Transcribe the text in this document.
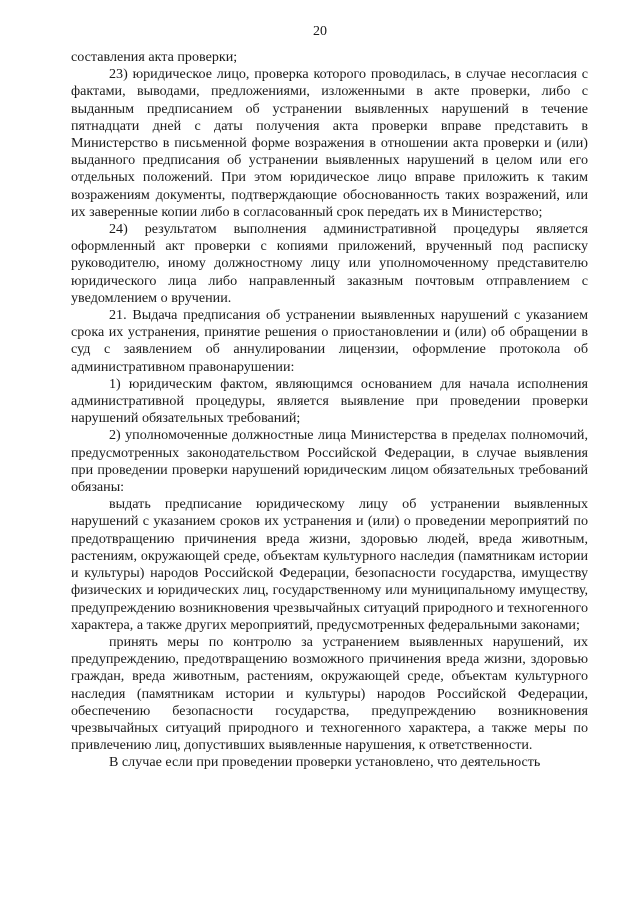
20

составления акта проверки;

23) юридическое лицо, проверка которого проводилась, в случае несогласия с фактами, выводами, предложениями, изложенными в акте проверки, либо с выданным предписанием об устранении выявленных нарушений в течение пятнадцати дней с даты получения акта проверки вправе представить в Министерство в письменной форме возражения в отношении акта проверки и (или) выданного предписания об устранении выявленных нарушений в целом или его отдельных положений. При этом юридическое лицо вправе приложить к таким возражениям документы, подтверждающие обоснованность таких возражений, или их заверенные копии либо в согласованный срок передать их в Министерство;

24) результатом выполнения административной процедуры является оформленный акт проверки с копиями приложений, врученный под расписку руководителю, иному должностному лицу или уполномоченному представителю юридического лица либо направленный заказным почтовым отправлением с уведомлением о вручении.

21. Выдача предписания об устранении выявленных нарушений с указанием срока их устранения, принятие решения о приостановлении и (или) об обращении в суд с заявлением об аннулировании лицензии, оформление протокола об административном правонарушении:

1) юридическим фактом, являющимся основанием для начала исполнения административной процедуры, является выявление при проведении проверки нарушений обязательных требований;

2) уполномоченные должностные лица Министерства в пределах полномочий, предусмотренных законодательством Российской Федерации, в случае выявления при проведении проверки нарушений юридическим лицом обязательных требований обязаны:

выдать предписание юридическому лицу об устранении выявленных нарушений с указанием сроков их устранения и (или) о проведении мероприятий по предотвращению причинения вреда жизни, здоровью людей, вреда животным, растениям, окружающей среде, объектам культурного наследия (памятникам истории и культуры) народов Российской Федерации, безопасности государства, имуществу физических и юридических лиц, государственному или муниципальному имуществу, предупреждению возникновения чрезвычайных ситуаций природного и техногенного характера, а также других мероприятий, предусмотренных федеральными законами;

принять меры по контролю за устранением выявленных нарушений, их предупреждению, предотвращению возможного причинения вреда жизни, здоровью граждан, вреда животным, растениям, окружающей среде, объектам культурного наследия (памятникам истории и культуры) народов Российской Федерации, обеспечению безопасности государства, предупреждению возникновения чрезвычайных ситуаций природного и техногенного характера, а также меры по привлечению лиц, допустивших выявленные нарушения, к ответственности.

В случае если при проведении проверки установлено, что деятельность
